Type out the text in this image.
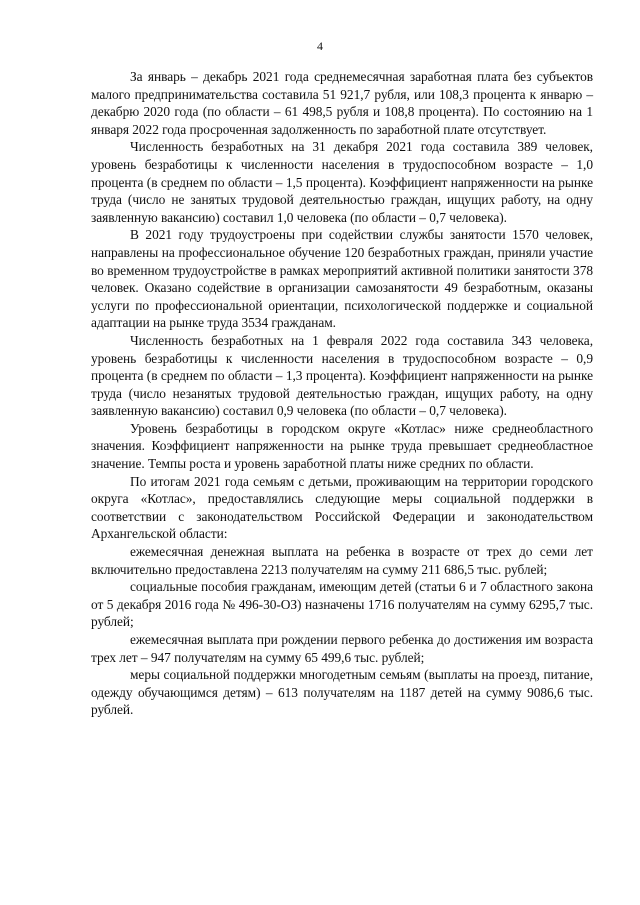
4

За январь – декабрь 2021 года среднемесячная заработная плата без субъектов малого предпринимательства составила 51 921,7 рубля, или 108,3 процента к январю – декабрю 2020 года (по области – 61 498,5 рубля и 108,8 процента). По состоянию на 1 января 2022 года просроченная задолженность по заработной плате отсутствует.

Численность безработных на 31 декабря 2021 года составила 389 человек, уровень безработицы к численности населения в трудоспособном возрасте – 1,0 процента (в среднем по области – 1,5 процента). Коэффициент напряженности на рынке труда (число не занятых трудовой деятельностью граждан, ищущих работу, на одну заявленную вакансию) составил 1,0 человека (по области – 0,7 человека).

В 2021 году трудоустроены при содействии службы занятости 1570 человек, направлены на профессиональное обучение 120 безработных граждан, приняли участие во временном трудоустройстве в рамках мероприятий активной политики занятости 378 человек. Оказано содействие в организации самозанятости 49 безработным, оказаны услуги по профессиональной ориентации, психологической поддержке и социальной адаптации на рынке труда 3534 гражданам.

Численность безработных на 1 февраля 2022 года составила 343 человека, уровень безработицы к численности населения в трудоспособном возрасте – 0,9 процента (в среднем по области – 1,3 процента). Коэффициент напряженности на рынке труда (число незанятых трудовой деятельностью граждан, ищущих работу, на одну заявленную вакансию) составил 0,9 человека (по области – 0,7 человека).

Уровень безработицы в городском округе «Котлас» ниже среднеобластного значения. Коэффициент напряженности на рынке труда превышает среднеобластное значение. Темпы роста и уровень заработной платы ниже средних по области.

По итогам 2021 года семьям с детьми, проживающим на территории городского округа «Котлас», предоставлялись следующие меры социальной поддержки в соответствии с законодательством Российской Федерации и законодательством Архангельской области:

ежемесячная денежная выплата на ребенка в возрасте от трех до семи лет включительно предоставлена 2213 получателям на сумму 211 686,5 тыс. рублей;

социальные пособия гражданам, имеющим детей (статьи 6 и 7 областного закона от 5 декабря 2016 года № 496-30-ОЗ) назначены 1716 получателям на сумму 6295,7 тыс. рублей;

ежемесячная выплата при рождении первого ребенка до достижения им возраста трех лет – 947 получателям на сумму 65 499,6 тыс. рублей;

меры социальной поддержки многодетным семьям (выплаты на проезд, питание, одежду обучающимся детям) – 613 получателям на 1187 детей на сумму 9086,6 тыс. рублей.
